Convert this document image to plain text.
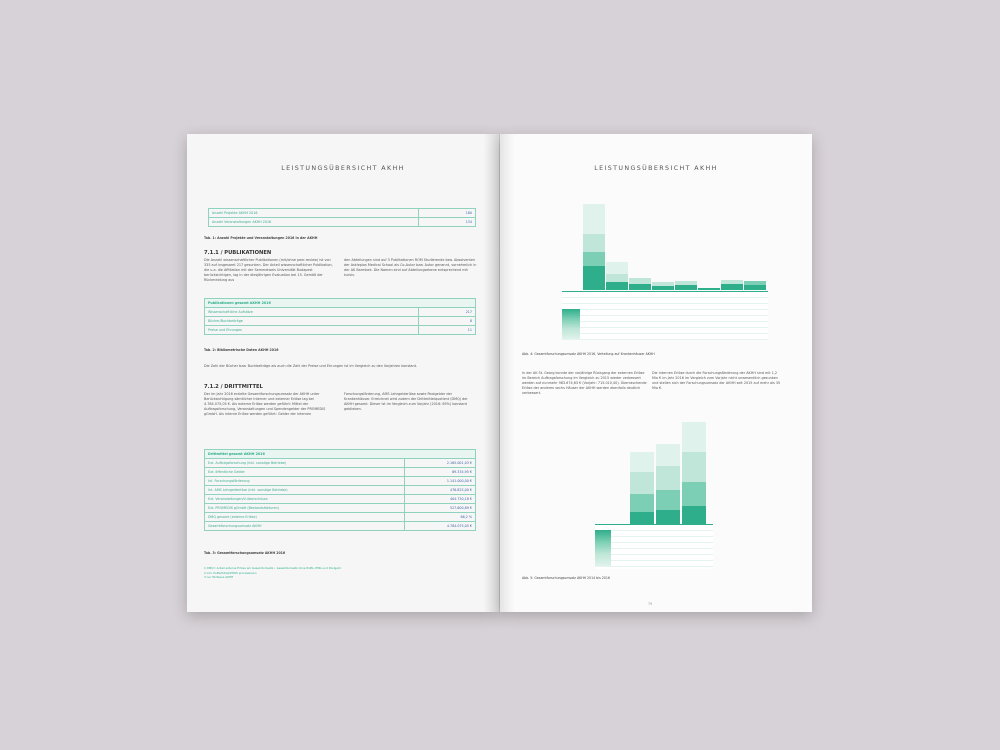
LEISTUNGSÜBERSICHT AKHH
Anzahl Projekte AKHH 2016	180
Anzahl Veranstaltungen AKHH 2016	134
Tab. 1: Anzahl Projekte und Veranstaltungen 2016 in der AKHH
7.1.1 / PUBLIKATIONEN
Die Anzahl wissenschaftlicher Publikationen (mit/ohne peer-review) ist von 335 auf insgesamt 217 gesunken. Der Anteil wissenschaftlicher Publikation, die u.a. die Affiliation mit der Semmelweis Universität Budapest berücksichtigen, lag in der diesjährigen Evaluation bei 15. Gemäß der Rückmeldung aus
den Abteilungen sind auf 3 Publikationen ROM Studierende bzw. Absolventen der Asklepios Medical School als Co-Autor bzw. Autor genannt, vornehmlich in der AK Barmbek. Die Namen sind auf Abteilungsebene entsprechend mit kursiv.
Publikationen gesamt AKHH 2016	
Wissenschaftliche Aufsätze	217
Bücher/Buchbeiträge	8
Preise und Ehrungen	11
Tab. 2: Bibliometrische Daten AKHH 2016
Die Zahl der Bücher bzw. Buchbeiträge als auch die Zahl der Preise und Ehrungen ist im Vergleich zu den Vorjahren konstant.
7.1.2 / DRITTMITTEL
Der im Jahr 2016 erzielte Gesamtforschungsumsatz der AKHH unter Berücksichtigung sämtlicher interner und externer Erlöse lag bei 4.784.075,05 €. Als externe Erlöse werden geführt: Mittel der Auftragsforschung, Veranstaltungen und Spendengelder der PROMEDIS gGmbH. Als interne Erlöse werden geführt: Gelder der internen
Forschungsförderung, AMS Lehrgelderlöse sowie Poolgelder der Krankenhäuser. Erreichnet wird zudem der Drittmittelquotient (DMQ) der AKHH gesamt. Dieser ist im Vergleich zum Vorjahr (2016: 65%) konstant geblieben.
Drittmittel gesamt AKHH 2016	
Ext. Auftragsforschung (inkl. sonstige Betriebe)	2.165.001,03 €
Ext. öffentliche Gelder	69.334,95 €
Int. Forschungsförderung	1.141.000,00 €
Int. AMS Lehrgelderlöse (inkl. sonstige Betriebe)	476.825,00 €
Ext. Veranstaltungen/V-überschüsse	404.730,18 €
Ext. PROMEDIS gGmbH (Bestandsfakturen)	527.600,89 €
DMQ gesamt (externe Erlöse)	66,2 %
Gesamtforschungsumsatz AKHH	4.784.075,05 €
Tab. 3: Gesamtforschungsumsatz AKHH 2016
1 DMQ= Anteil externe Erlöse am Gesamtumsatz • Gesamtumsatz ohne PoPG, PMG und Poolgeld
2 inkl. PoPG/KdAG/PHOS processieren
3 nur Wirtsaus AKHH
LEISTUNGSÜBERSICHT AKHH
Abb. 4: Gesamtforschungsumsatz AKHH 2016, Verteilung auf Krankenhäuser AKHH
In der AK St. Georg konnte der vorjährige Rückgang der externen Erlöse im Bereich Auftragsforschung im Vergleich zu 2015 wieder verbessert werden auf nunmehr 983.674,63 € (Vorjahr: 715.010,40). Überraschende Erlöse der anderen sechs Häuser der AKHH werden ebenfalls deutlich verbessert.
Die internen Erlöse durch die Forschungsförderung der AKHH sind mit 1,2 Mio € im Jahr 2016 im Vergleich zum Vorjahr nicht unwesentlich gesunken und stellen sich der Forschungsumsatz der AKHH seit 2015 auf mehr als 35 Mio €.
Abb. 5: Gesamtforschungsumsatz AKHH 2014 bis 2016
79
